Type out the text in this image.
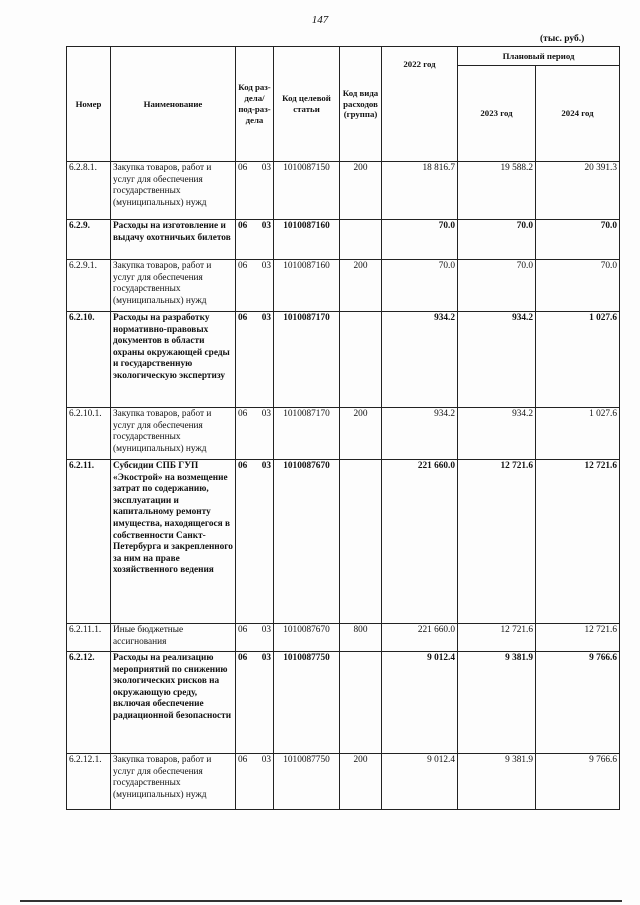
147
(тыс. руб.)
Номер	Наименование	Код раз-дела/ под-раз-дела	Код целевой статьи	Код вида расходов (группа)	2022 год	Плановый период	
						2023 год	2024 год
6.2.8.1.	Закупка товаров, работ и услуг для обеспечения государственных (муниципальных) нужд	06 03	1010087150	200	18 816.7	19 588.2	20 391.3
6.2.9.	Расходы на изготовление и выдачу охотничьих билетов	06 03	1010087160		70.0	70.0	70.0
6.2.9.1.	Закупка товаров, работ и услуг для обеспечения государственных (муниципальных) нужд	06 03	1010087160	200	70.0	70.0	70.0
6.2.10.	Расходы на разработку нормативно-правовых документов в области охраны окружающей среды и государственную экологическую экспертизу	06 03	1010087170		934.2	934.2	1 027.6
6.2.10.1.	Закупка товаров, работ и услуг для обеспечения государственных (муниципальных) нужд	06 03	1010087170	200	934.2	934.2	1 027.6
6.2.11.	Субсидии СПБ ГУП «Экострой» на возмещение затрат по содержанию, эксплуатации и капитальному ремонту имущества, находящегося в собственности Санкт-Петербурга и закрепленного за ним на праве хозяйственного ведения	06 03	1010087670		221 660.0	12 721.6	12 721.6
6.2.11.1.	Иные бюджетные ассигнования	06 03	1010087670	800	221 660.0	12 721.6	12 721.6
6.2.12.	Расходы на реализацию мероприятий по снижению экологических рисков на окружающую среду, включая обеспечение радиационной безопасности	06 03	1010087750		9 012.4	9 381.9	9 766.6
6.2.12.1.	Закупка товаров, работ и услуг для обеспечения государственных (муниципальных) нужд	06 03	1010087750	200	9 012.4	9 381.9	9 766.6
